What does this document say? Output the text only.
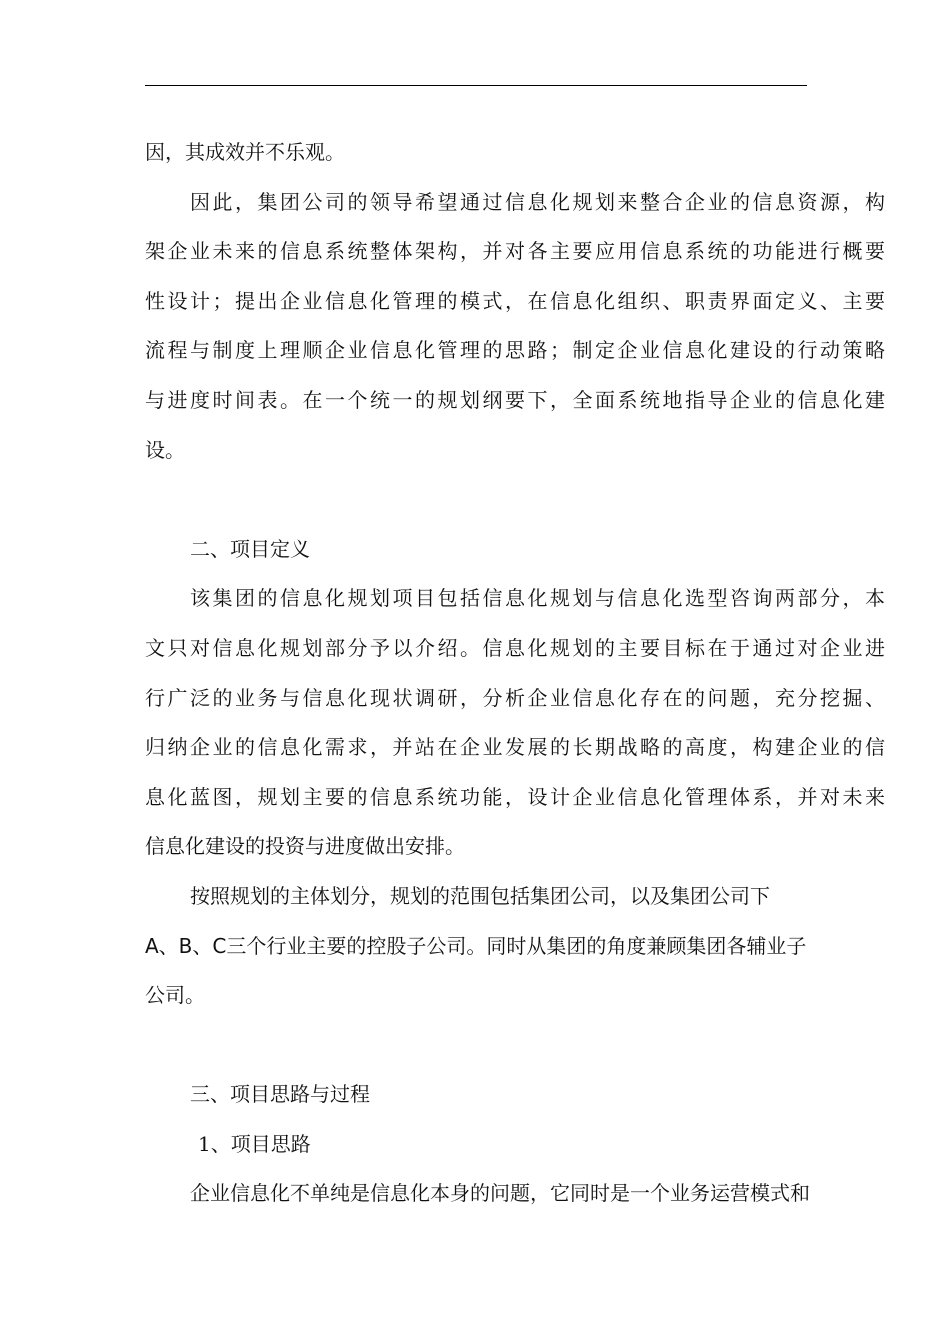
因，其成效并不乐观。

因此，集团公司的领导希望通过信息化规划来整合企业的信息资源，构

架企业未来的信息系统整体架构，并对各主要应用信息系统的功能进行概要

性设计；提出企业信息化管理的模式，在信息化组织、职责界面定义、主要

流程与制度上理顺企业信息化管理的思路；制定企业信息化建设的行动策略

与进度时间表。在一个统一的规划纲要下，全面系统地指导企业的信息化建

设。

二、项目定义

该集团的信息化规划项目包括信息化规划与信息化选型咨询两部分，本

文只对信息化规划部分予以介绍。信息化规划的主要目标在于通过对企业进

行广泛的业务与信息化现状调研，分析企业信息化存在的问题，充分挖掘、

归纳企业的信息化需求，并站在企业发展的长期战略的高度，构建企业的信

息化蓝图，规划主要的信息系统功能，设计企业信息化管理体系，并对未来

信息化建设的投资与进度做出安排。

按照规划的主体划分，规划的范围包括集团公司，以及集团公司下

A、B、C三个行业主要的控股子公司。同时从集团的角度兼顾集团各辅业子

公司。

三、项目思路与过程

1、项目思路

企业信息化不单纯是信息化本身的问题，它同时是一个业务运营模式和
